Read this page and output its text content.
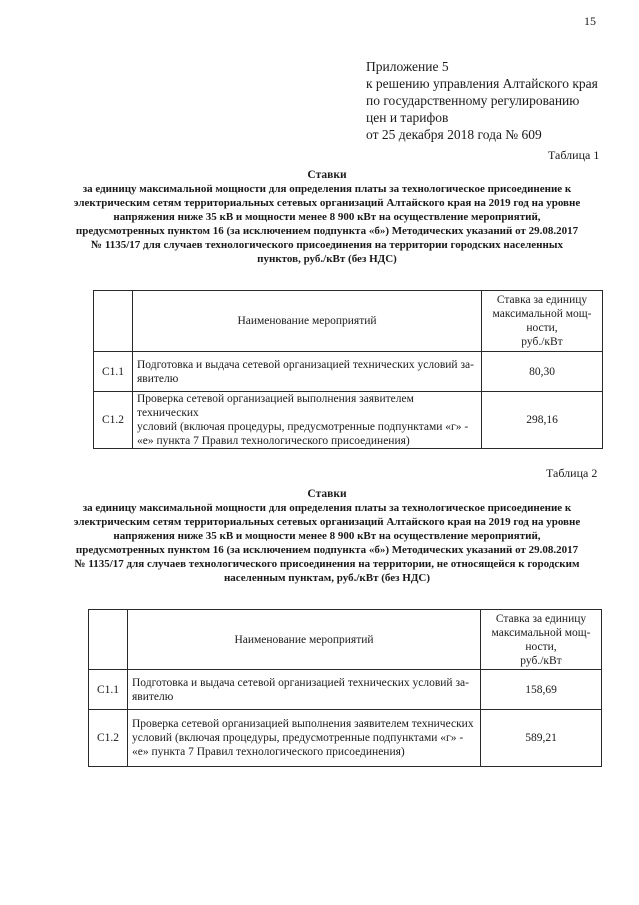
15
Приложение 5
к решению управления Алтайского края
по государственному регулированию
цен и тарифов
от 25 декабря 2018 года № 609
Таблица 1
Ставки
за единицу максимальной мощности для определения платы за технологическое присоединение к
электрическим сетям территориальных сетевых организаций Алтайского края на 2019 год на уровне
напряжения ниже 35 кВ и мощности менее 8 900 кВт на осуществление мероприятий,
предусмотренных пунктом 16 (за исключением подпункта «б») Методических указаний от 29.08.2017
№ 1135/17 для случаев технологического присоединения на территории городских населенных
пунктов, руб./кВт (без НДС)
	Наименование мероприятий	Ставка за единицу
максимальной мощ-
ности,
руб./кВт

С1.1	Подготовка и выдача сетевой организацией технических условий за-
явителю	80,30
С1.2	Проверка сетевой организацией выполнения заявителем технических
условий (включая процедуры, предусмотренные подпунктами «г» -
«е» пункта 7 Правил технологического присоединения)	298,16
Таблица 2
Ставки
за единицу максимальной мощности для определения платы за технологическое присоединение к
электрическим сетям территориальных сетевых организаций Алтайского края на 2019 год на уровне
напряжения ниже 35 кВ и мощности менее 8 900 кВт на осуществление мероприятий,
предусмотренных пунктом 16 (за исключением подпункта «б») Методических указаний от 29.08.2017
№ 1135/17 для случаев технологического присоединения на территории, не относящейся к городским
населенным пунктам, руб./кВт (без НДС)
	Наименование мероприятий	Ставка за единицу
максимальной мощ-
ности,
руб./кВт

С1.1	Подготовка и выдача сетевой организацией технических условий за-
явителю	158,69
С1.2	Проверка сетевой организацией выполнения заявителем технических
условий (включая процедуры, предусмотренные подпунктами «г» -
«е» пункта 7 Правил технологического присоединения)	589,21
